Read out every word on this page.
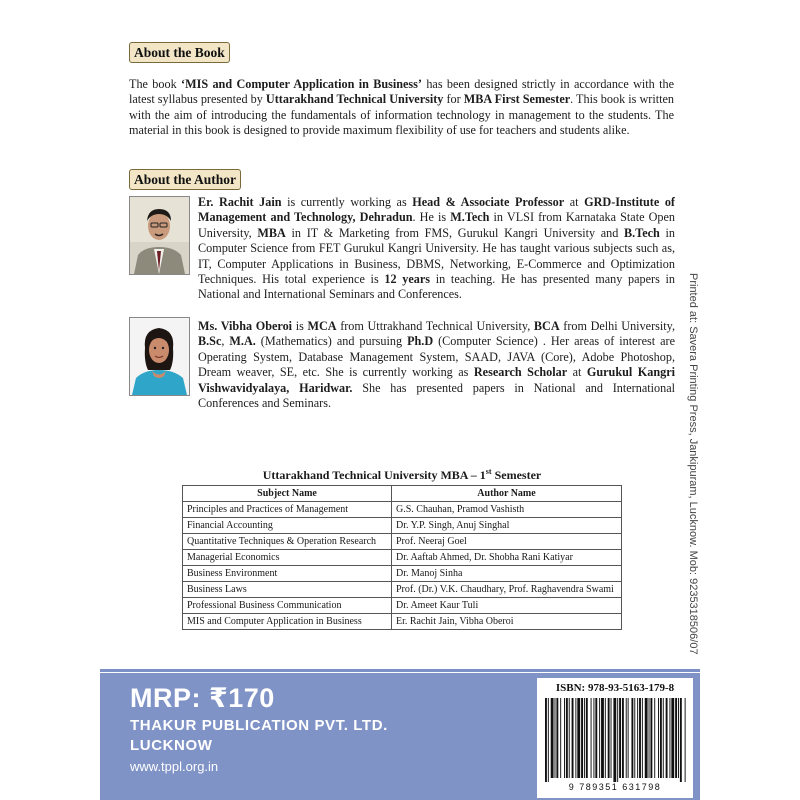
About the Book
The book ‘MIS and Computer Application in Business’ has been designed strictly in accordance with the latest syllabus presented by Uttarakhand Technical University for MBA First Semester. This book is written with the aim of introducing the fundamentals of information technology in management to the students. The material in this book is designed to provide maximum flexibility of use for teachers and students alike.
About the Author
Er. Rachit Jain is currently working as Head & Associate Professor at GRD-Institute of Management and Technology, Dehradun. He is M.Tech in VLSI from Karnataka State Open University, MBA in IT & Marketing from FMS, Gurukul Kangri University and B.Tech in Computer Science from FET Gurukul Kangri University. He has taught various subjects such as, IT, Computer Applications in Business, DBMS, Networking, E-Commerce and Optimization Techniques. His total experience is 12 years in teaching. He has presented many papers in National and International Seminars and Conferences.
Ms. Vibha Oberoi is MCA from Uttrakhand Technical University, BCA from Delhi University, B.Sc, M.A. (Mathematics) and pursuing Ph.D (Computer Science) . Her areas of interest are Operating System, Database Management System, SAAD, JAVA (Core), Adobe Photoshop, Dream weaver, SE, etc. She is currently working as Research Scholar at Gurukul Kangri Vishwavidyalaya, Haridwar. She has presented papers in National and International Conferences and Seminars.	Printed at: Savera Printing Press, Jankipuram, Lucknow. Mob: 9235318506/07
Uttarakhand Technical University MBA – 1st Semester
Subject Name	Author Name
Principles and Practices of Management	G.S. Chauhan, Pramod Vashisth
Financial Accounting	Dr. Y.P. Singh, Anuj Singhal
Quantitative Techniques & Operation Research	Prof. Neeraj Goel
Managerial Economics	Dr. Aaftab Ahmed, Dr. Shobha Rani Katiyar
Business Environment	Dr. Manoj Sinha
Business Laws	Prof. (Dr.) V.K. Chaudhary, Prof. Raghavendra Swami
Professional Business Communication	Dr. Ameet Kaur Tuli
MIS and Computer Application in Business	Er. Rachit Jain, Vibha Oberoi
MRP: ₹170
THAKUR PUBLICATION PVT. LTD.
LUCKNOW
www.tppl.org.in
ISBN: 978-93-5163-179-8
9 789351 631798
